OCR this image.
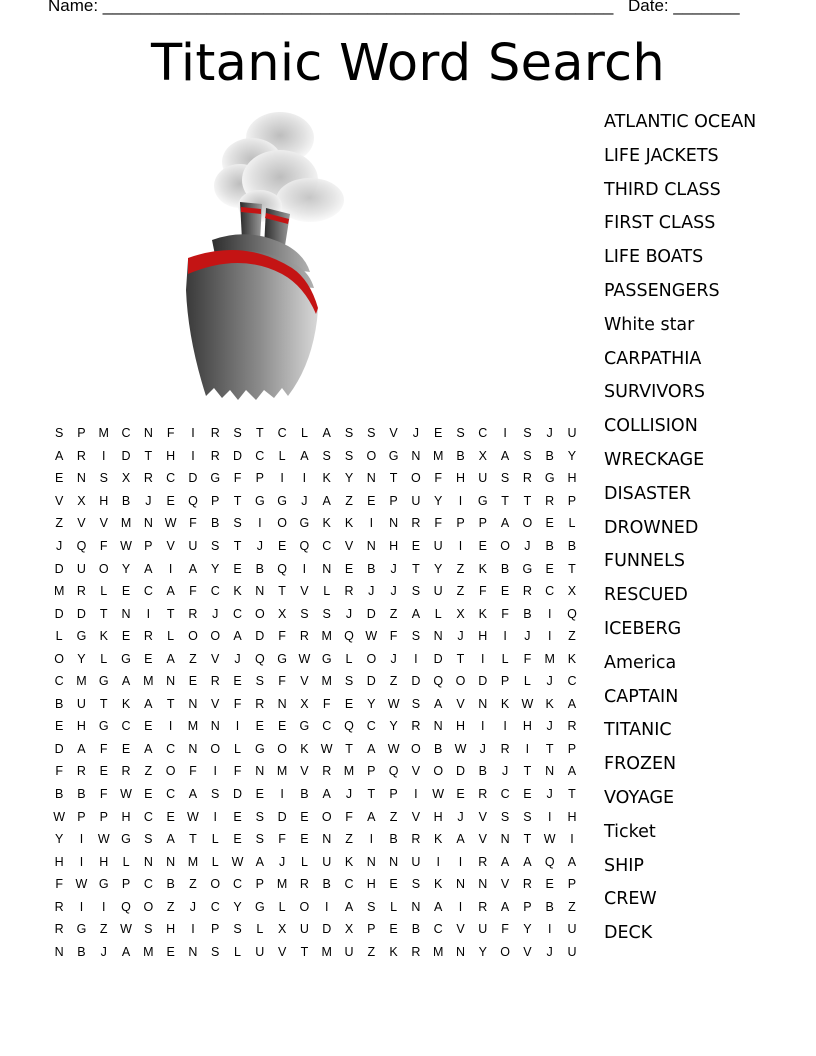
Name: ______________________________________________________ Date: _______
Titanic Word Search
ATLANTIC OCEAN
LIFE JACKETS
THIRD CLASS
FIRST CLASS
LIFE BOATS
PASSENGERS
White star
CARPATHIA
SURVIVORS
COLLISION
WRECKAGE
DISASTER
DROWNED
FUNNELS
RESCUED
ICEBERG
America
CAPTAIN
TITANIC
FROZEN
VOYAGE
Ticket
SHIP
CREW
DECK
S	P	M	C	N	F	I	R	S	T	C	L	A	S	S	V	J	E	S	C	I	S	J	U
A	R	I	D	T	H	I	R	D	C	L	A	S	S	O	G	N	M	B	X	A	S	B	Y
E	N	S	X	R	C	D	G	F	P	I	I	K	Y	N	T	O	F	H	U	S	R	G	H
V	X	H	B	J	E	Q	P	T	G	G	J	A	Z	E	P	U	Y	I	G	T	T	R	P
Z	V	V	M	N	W	F	B	S	I	O	G	K	K	I	N	R	F	P	P	A	O	E	L
J	Q	F	W	P	V	U	S	T	J	E	Q	C	V	N	H	E	U	I	E	O	J	B	B
D	U	O	Y	A	I	A	Y	E	B	Q	I	N	E	B	J	T	Y	Z	K	B	G	E	T
M	R	L	E	C	A	F	C	K	N	T	V	L	R	J	J	S	U	Z	F	E	R	C	X
D	D	T	N	I	T	R	J	C	O	X	S	S	J	D	Z	A	L	X	K	F	B	I	Q
L	G	K	E	R	L	O	O	A	D	F	R	M	Q	W	F	S	N	J	H	I	J	I	Z
O	Y	L	G	E	A	Z	V	J	Q	G	W	G	L	O	J	I	D	T	I	L	F	M	K
C	M	G	A	M	N	E	R	E	S	F	V	M	S	D	Z	D	Q	O	D	P	L	J	C
B	U	T	K	A	T	N	V	F	R	N	X	F	E	Y	W	S	A	V	N	K	W	K	A
E	H	G	C	E	I	M	N	I	E	E	G	C	Q	C	Y	R	N	H	I	I	H	J	R
D	A	F	E	A	C	N	O	L	G	O	K	W	T	A	W	O	B	W	J	R	I	T	P
F	R	E	R	Z	O	F	I	F	N	M	V	R	M	P	Q	V	O	D	B	J	T	N	A
B	B	F	W	E	C	A	S	D	E	I	B	A	J	T	P	I	W	E	R	C	E	J	T
W	P	P	H	C	E	W	I	E	S	D	E	O	F	A	Z	V	H	J	V	S	S	I	H
Y	I	W	G	S	A	T	L	E	S	F	E	N	Z	I	B	R	K	A	V	N	T	W	I
H	I	H	L	N	N	M	L	W	A	J	L	U	K	N	N	U	I	I	R	A	A	Q	A
F	W	G	P	C	B	Z	O	C	P	M	R	B	C	H	E	S	K	N	N	V	R	E	P
R	I	I	Q	O	Z	J	C	Y	G	L	O	I	A	S	L	N	A	I	R	A	P	B	Z
R	G	Z	W	S	H	I	P	S	L	X	U	D	X	P	E	B	C	V	U	F	Y	I	U
N	B	J	A	M	E	N	S	L	U	V	T	M	U	Z	K	R	M	N	Y	O	V	J	U
